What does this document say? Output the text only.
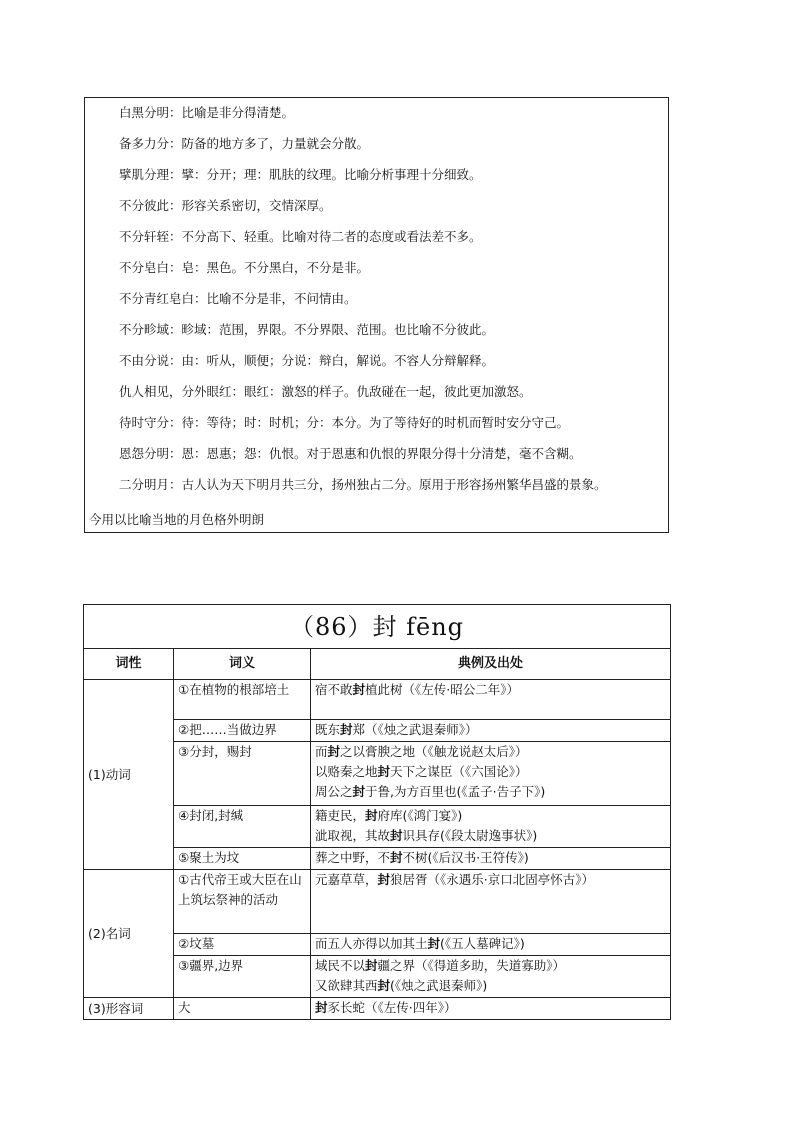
白黑分明：比喻是非分得清楚。
备多力分：防备的地方多了，力量就会分散。
擘肌分理：擘：分开；理：肌肤的纹理。比喻分析事理十分细致。
不分彼此：形容关系密切，交情深厚。
不分轩轾：不分高下、轻重。比喻对待二者的态度或看法差不多。
不分皂白：皂：黑色。不分黑白，不分是非。
不分青红皂白：比喻不分是非，不问情由。
不分畛域：畛域：范围，界限。不分界限、范围。也比喻不分彼此。
不由分说：由：听从，顺便；分说：辩白，解说。不容人分辩解释。
仇人相见，分外眼红：眼红：激怒的样子。仇敌碰在一起，彼此更加激怒。
待时守分：待：等待；时：时机；分：本分。为了等待好的时机而暂时安分守己。
恩怨分明：恩：恩惠；怨：仇恨。对于恩惠和仇恨的界限分得十分清楚，毫不含糊。
二分明月：古人认为天下明月共三分，扬州独占二分。原用于形容扬州繁华昌盛的景象。
今用以比喻当地的月色格外明朗
（86）封 fēng		
词性	词义	典例及出处
(1)动词	①在植物的根部培土	宿不敢封植此树（《左传·昭公二年》）

	②把……当做边界	既东封郑（《烛之武退秦师》）

	③分封，赐封	而封之以膏腴之地（《触龙说赵太后》）
以赂秦之地封天下之谋臣（《六国论》）
周公之封于鲁,为方百里也(《孟子·告子下》)

	④封闭,封缄	籍吏民，封府库(《鸿门宴》)
泚取视，其故封识具存(《段太尉逸事状》)

	⑤聚土为坟	葬之中野，不封不树(《后汉书·王符传》)

(2)名词	①古代帝王或大臣在山上筑坛祭神的活动	元嘉草草，封狼居胥（《永遇乐·京口北固亭怀古》）

	②坟墓	而五人亦得以加其土封(《五人墓碑记》)

	③疆界,边界	域民不以封疆之界（《得道多助，失道寡助》）
又欲肆其西封(《烛之武退秦师》)

(3)形容词	大	封豕长蛇（《左传·四年》）
